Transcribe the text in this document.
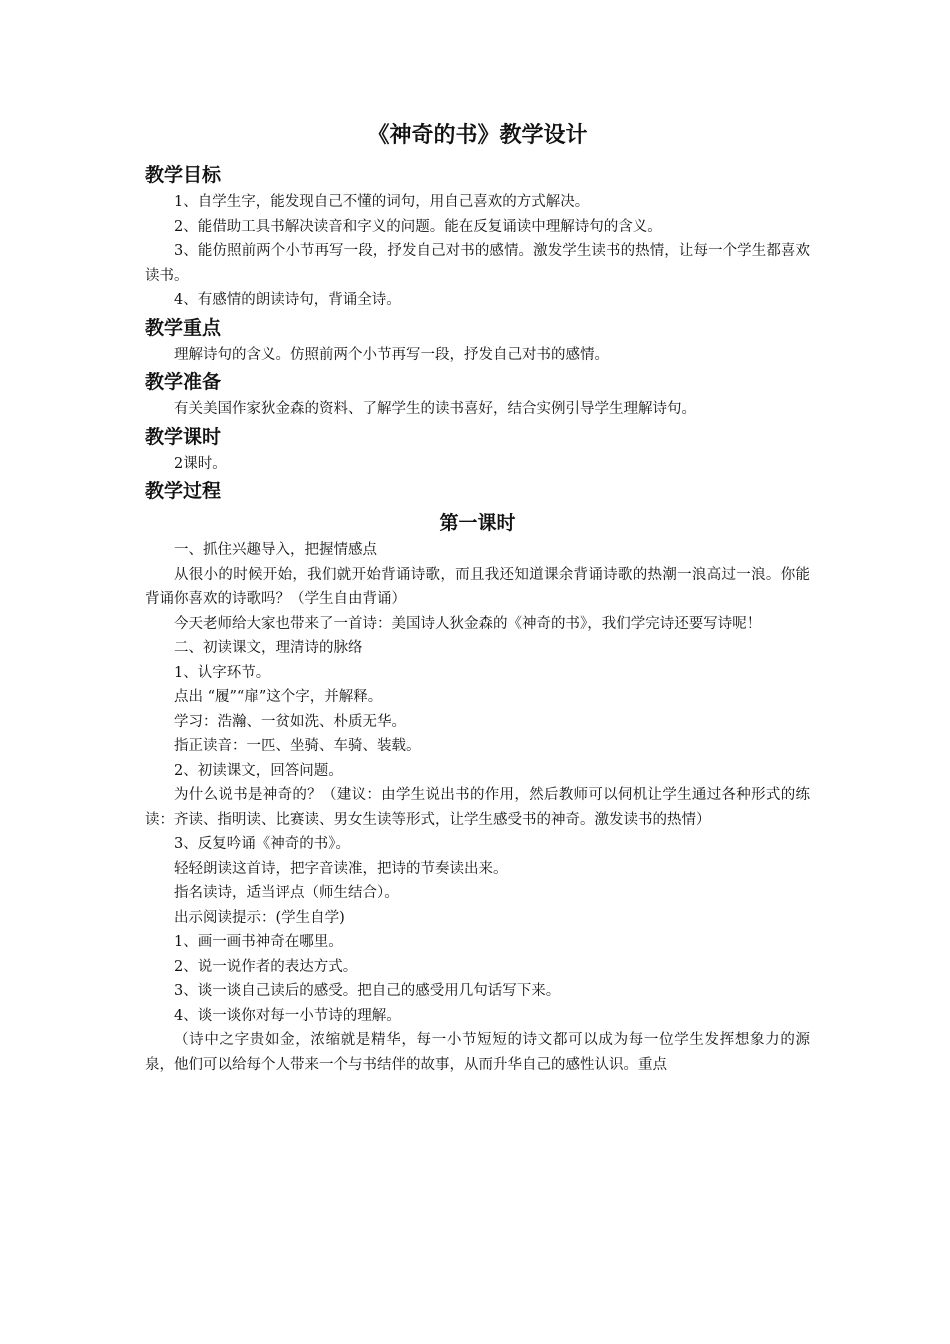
《神奇的书》教学设计
教学目标

1、自学生字，能发现自己不懂的词句，用自己喜欢的方式解决。

2、能借助工具书解决读音和字义的问题。能在反复诵读中理解诗句的含义。

3、能仿照前两个小节再写一段，抒发自己对书的感情。激发学生读书的热情，让每一个学生都喜欢读书。

4、有感情的朗读诗句，背诵全诗。

教学重点

理解诗句的含义。仿照前两个小节再写一段，抒发自己对书的感情。

教学准备

有关美国作家狄金森的资料、了解学生的读书喜好，结合实例引导学生理解诗句。

教学课时

2课时。

教学过程
第一课时

一、抓住兴趣导入，把握情感点

从很小的时候开始，我们就开始背诵诗歌，而且我还知道课余背诵诗歌的热潮一浪高过一浪。你能背诵你喜欢的诗歌吗？（学生自由背诵）

今天老师给大家也带来了一首诗：美国诗人狄金森的《神奇的书》，我们学完诗还要写诗呢！

二、初读课文，理清诗的脉络

1、认字环节。

点出 “履”“扉”这个字，并解释。

学习：浩瀚、一贫如洗、朴质无华。

指正读音：一匹、坐骑、车骑、装载。

2、初读课文，回答问题。

为什么说书是神奇的？（建议：由学生说出书的作用，然后教师可以伺机让学生通过各种形式的练读：齐读、指明读、比赛读、男女生读等形式，让学生感受书的神奇。激发读书的热情）

3、反复吟诵《神奇的书》。

轻轻朗读这首诗，把字音读准，把诗的节奏读出来。

指名读诗，适当评点（师生结合）。

出示阅读提示：(学生自学)

1、画一画书神奇在哪里。

2、说一说作者的表达方式。

3、谈一谈自己读后的感受。把自己的感受用几句话写下来。

4、谈一谈你对每一小节诗的理解。

（诗中之字贵如金，浓缩就是精华，每一小节短短的诗文都可以成为每一位学生发挥想象力的源泉，他们可以给每个人带来一个与书结伴的故事，从而升华自己的感性认识。重点
